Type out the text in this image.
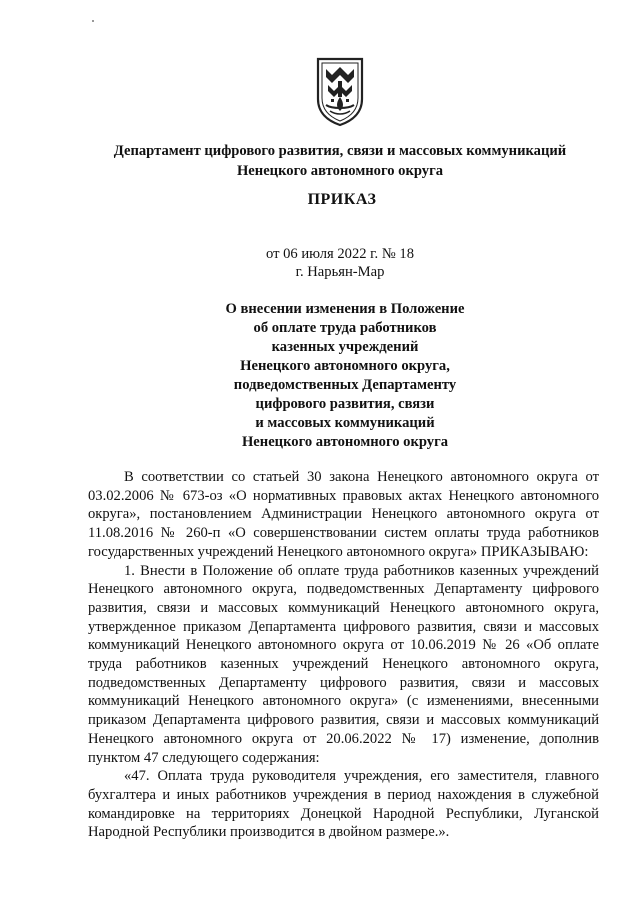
Департамент цифрового развития, связи и массовых коммуникаций
Ненецкого автономного округа
ПРИКАЗ
от 06 июля 2022 г. № 18
г. Нарьян-Мар
О внесении изменения в Положение
об оплате труда работников
казенных учреждений
Ненецкого автономного округа,
подведомственных Департаменту
цифрового развития, связи
и массовых коммуникаций
Ненецкого автономного округа

В соответствии со статьей 30 закона Ненецкого автономного округа от 03.02.2006 № 673-оз «О нормативных правовых актах Ненецкого автономного округа», постановлением Администрации Ненецкого автономного округа от 11.08.2016 № 260-п «О совершенствовании систем оплаты труда работников государственных учреждений Ненецкого автономного округа» ПРИКАЗЫВАЮ:

1. Внести в Положение об оплате труда работников казенных учреждений Ненецкого автономного округа, подведомственных Департаменту цифрового развития, связи и массовых коммуникаций Ненецкого автономного округа, утвержденное приказом Департамента цифрового развития, связи и массовых коммуникаций Ненецкого автономного округа от 10.06.2019 № 26 «Об оплате труда работников казенных учреждений Ненецкого автономного округа, подведомственных Департаменту цифрового развития, связи и массовых коммуникаций Ненецкого автономного округа» (с изменениями, внесенными приказом Департамента цифрового развития, связи и массовых коммуникаций Ненецкого автономного округа от 20.06.2022 № 17) изменение, дополнив пунктом 47 следующего содержания:

«47. Оплата труда руководителя учреждения, его заместителя, главного бухгалтера и иных работников учреждения в период нахождения в служебной командировке на территориях Донецкой Народной Республики, Луганской Народной Республики производится в двойном размере.».
